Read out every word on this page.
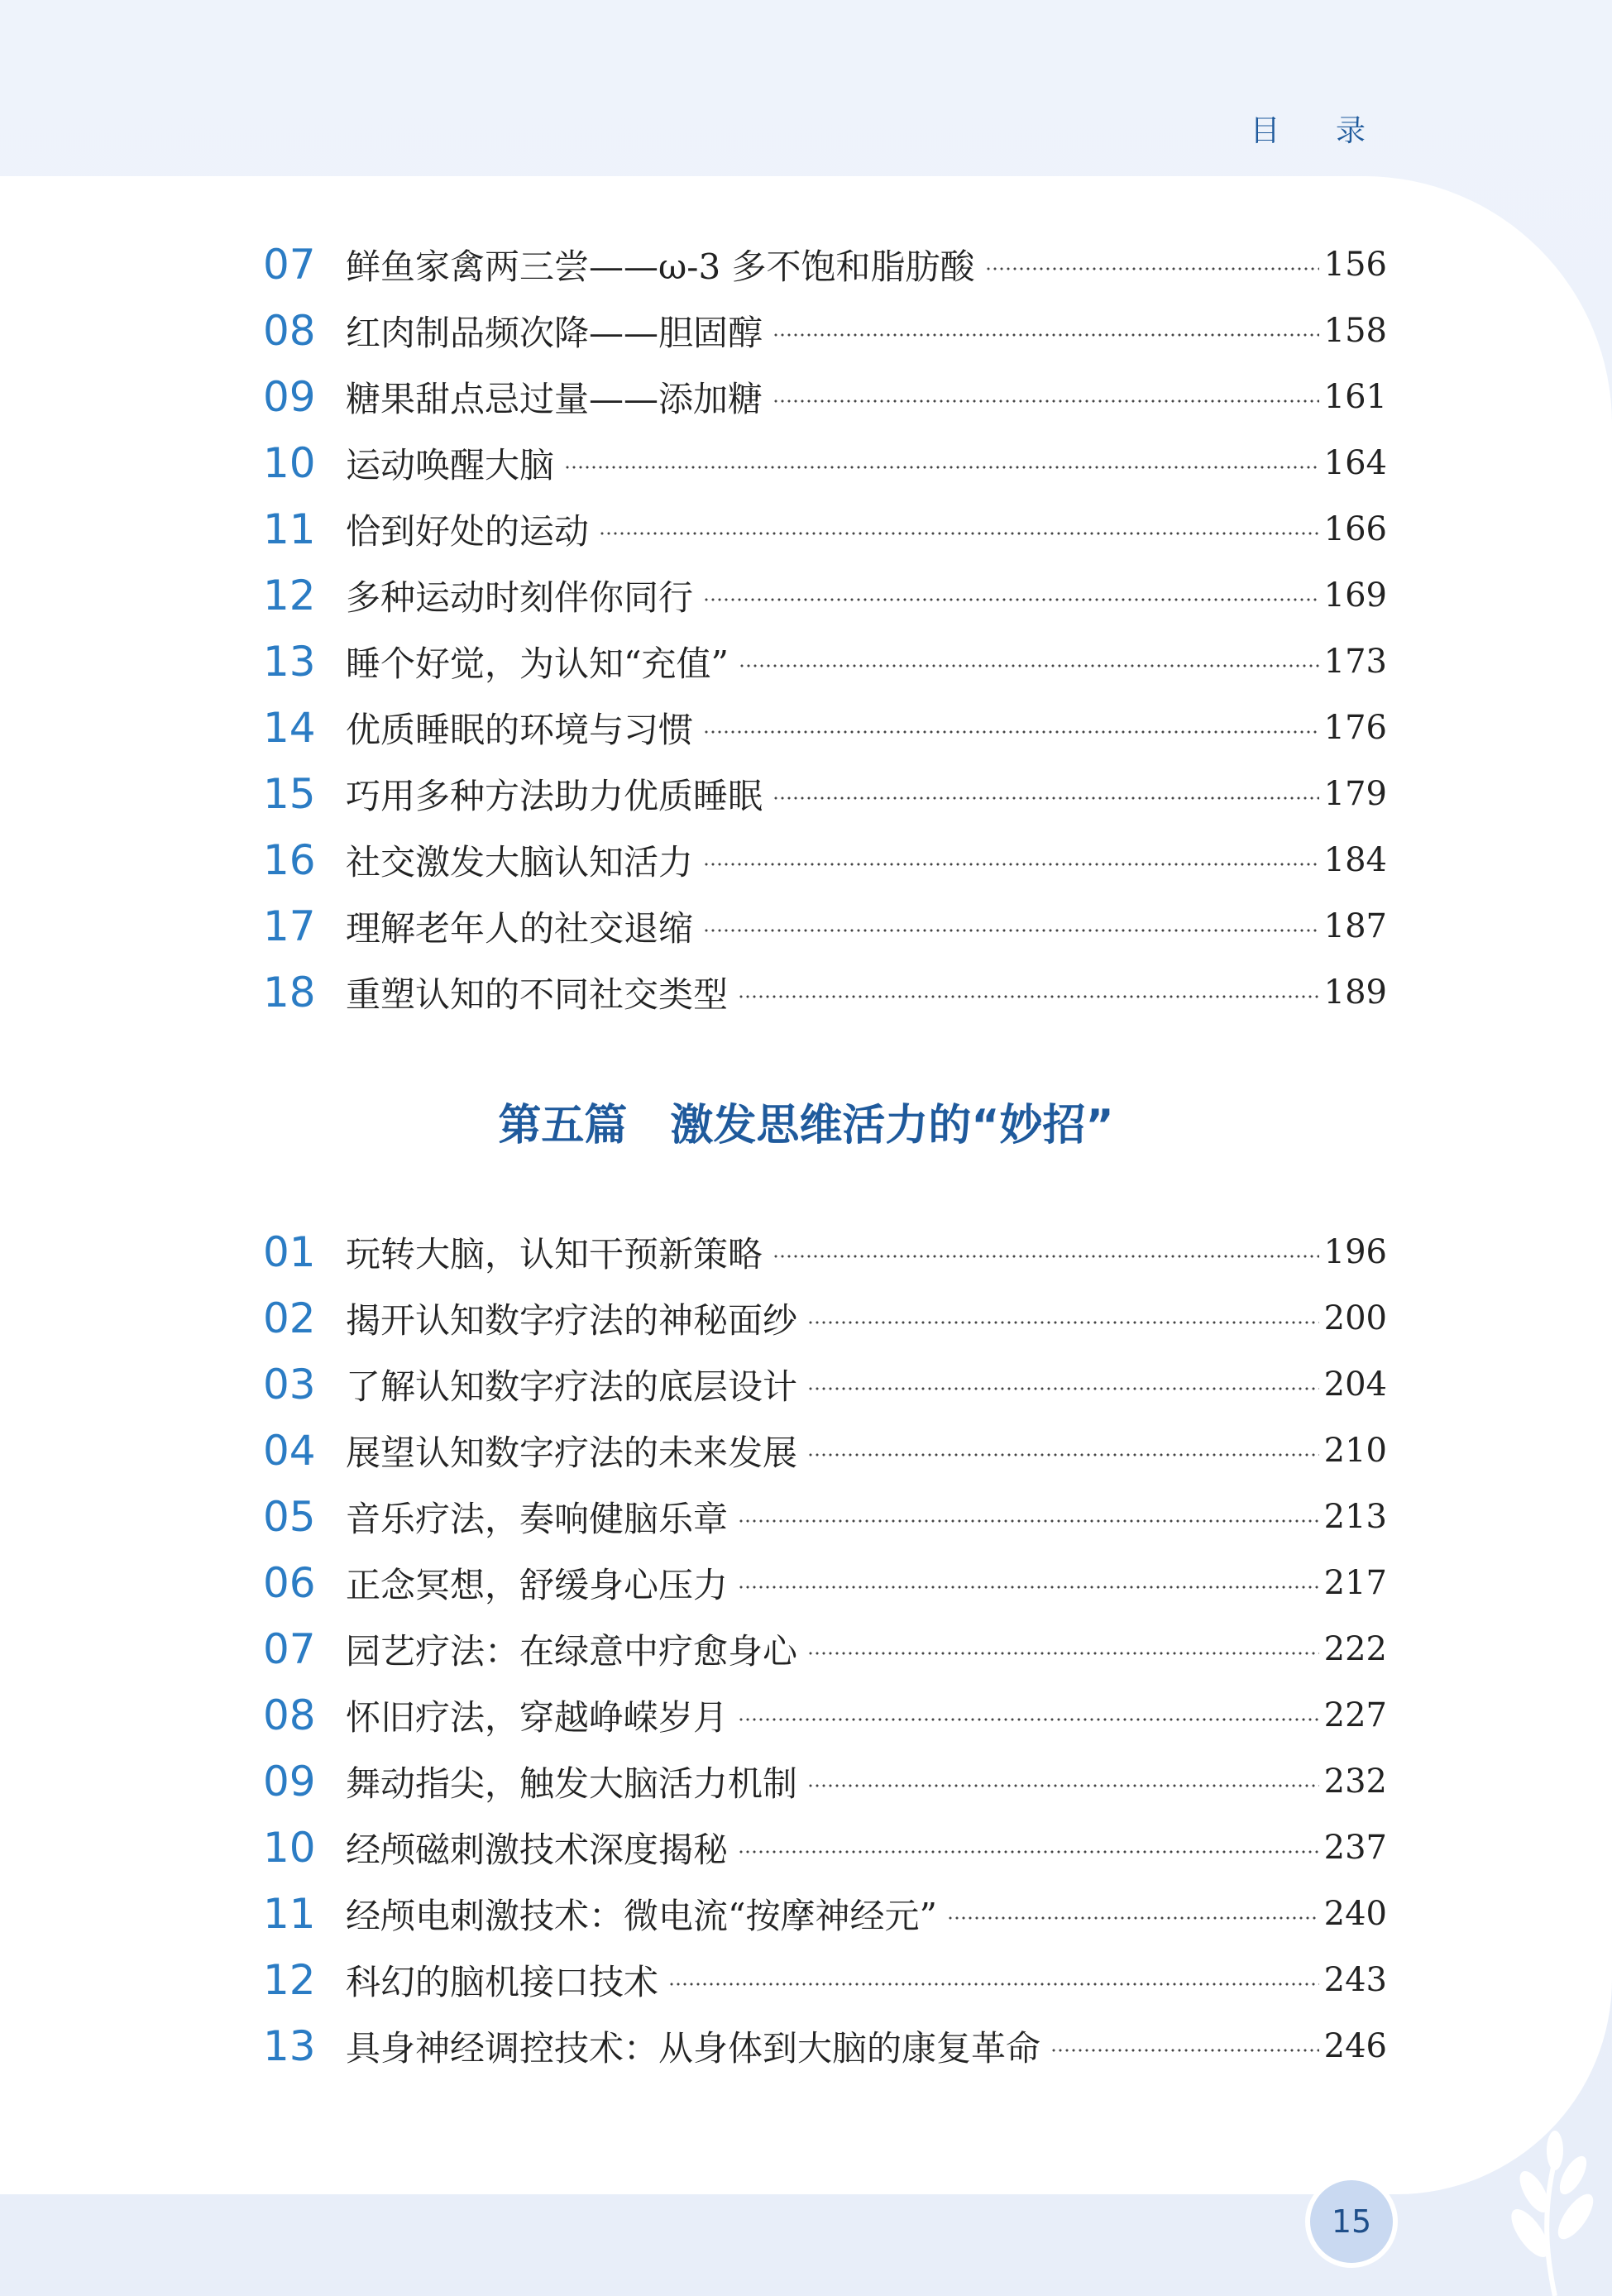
目 录
07 鲜鱼家禽两三尝——ω-3 多不饱和脂肪酸	156
08 红肉制品频次降——胆固醇	158
09 糖果甜点忌过量——添加糖	161
10 运动唤醒大脑	164
11 恰到好处的运动	166
12 多种运动时刻伴你同行	169
13 睡个好觉，为认知“充值”	173
14 优质睡眠的环境与习惯	176
15 巧用多种方法助力优质睡眠	179
16 社交激发大脑认知活力	184
17 理解老年人的社交退缩	187
18 重塑认知的不同社交类型	189
第五篇　激发思维活力的“妙招”
01 玩转大脑，认知干预新策略	196
02 揭开认知数字疗法的神秘面纱	200
03 了解认知数字疗法的底层设计	204
04 展望认知数字疗法的未来发展	210
05 音乐疗法，奏响健脑乐章	213
06 正念冥想，舒缓身心压力	217
07 园艺疗法：在绿意中疗愈身心	222
08 怀旧疗法，穿越峥嵘岁月	227
09 舞动指尖，触发大脑活力机制	232
10 经颅磁刺激技术深度揭秘	237
11 经颅电刺激技术：微电流“按摩神经元”	240
12 科幻的脑机接口技术	243
13 具身神经调控技术：从身体到大脑的康复革命	246
15
